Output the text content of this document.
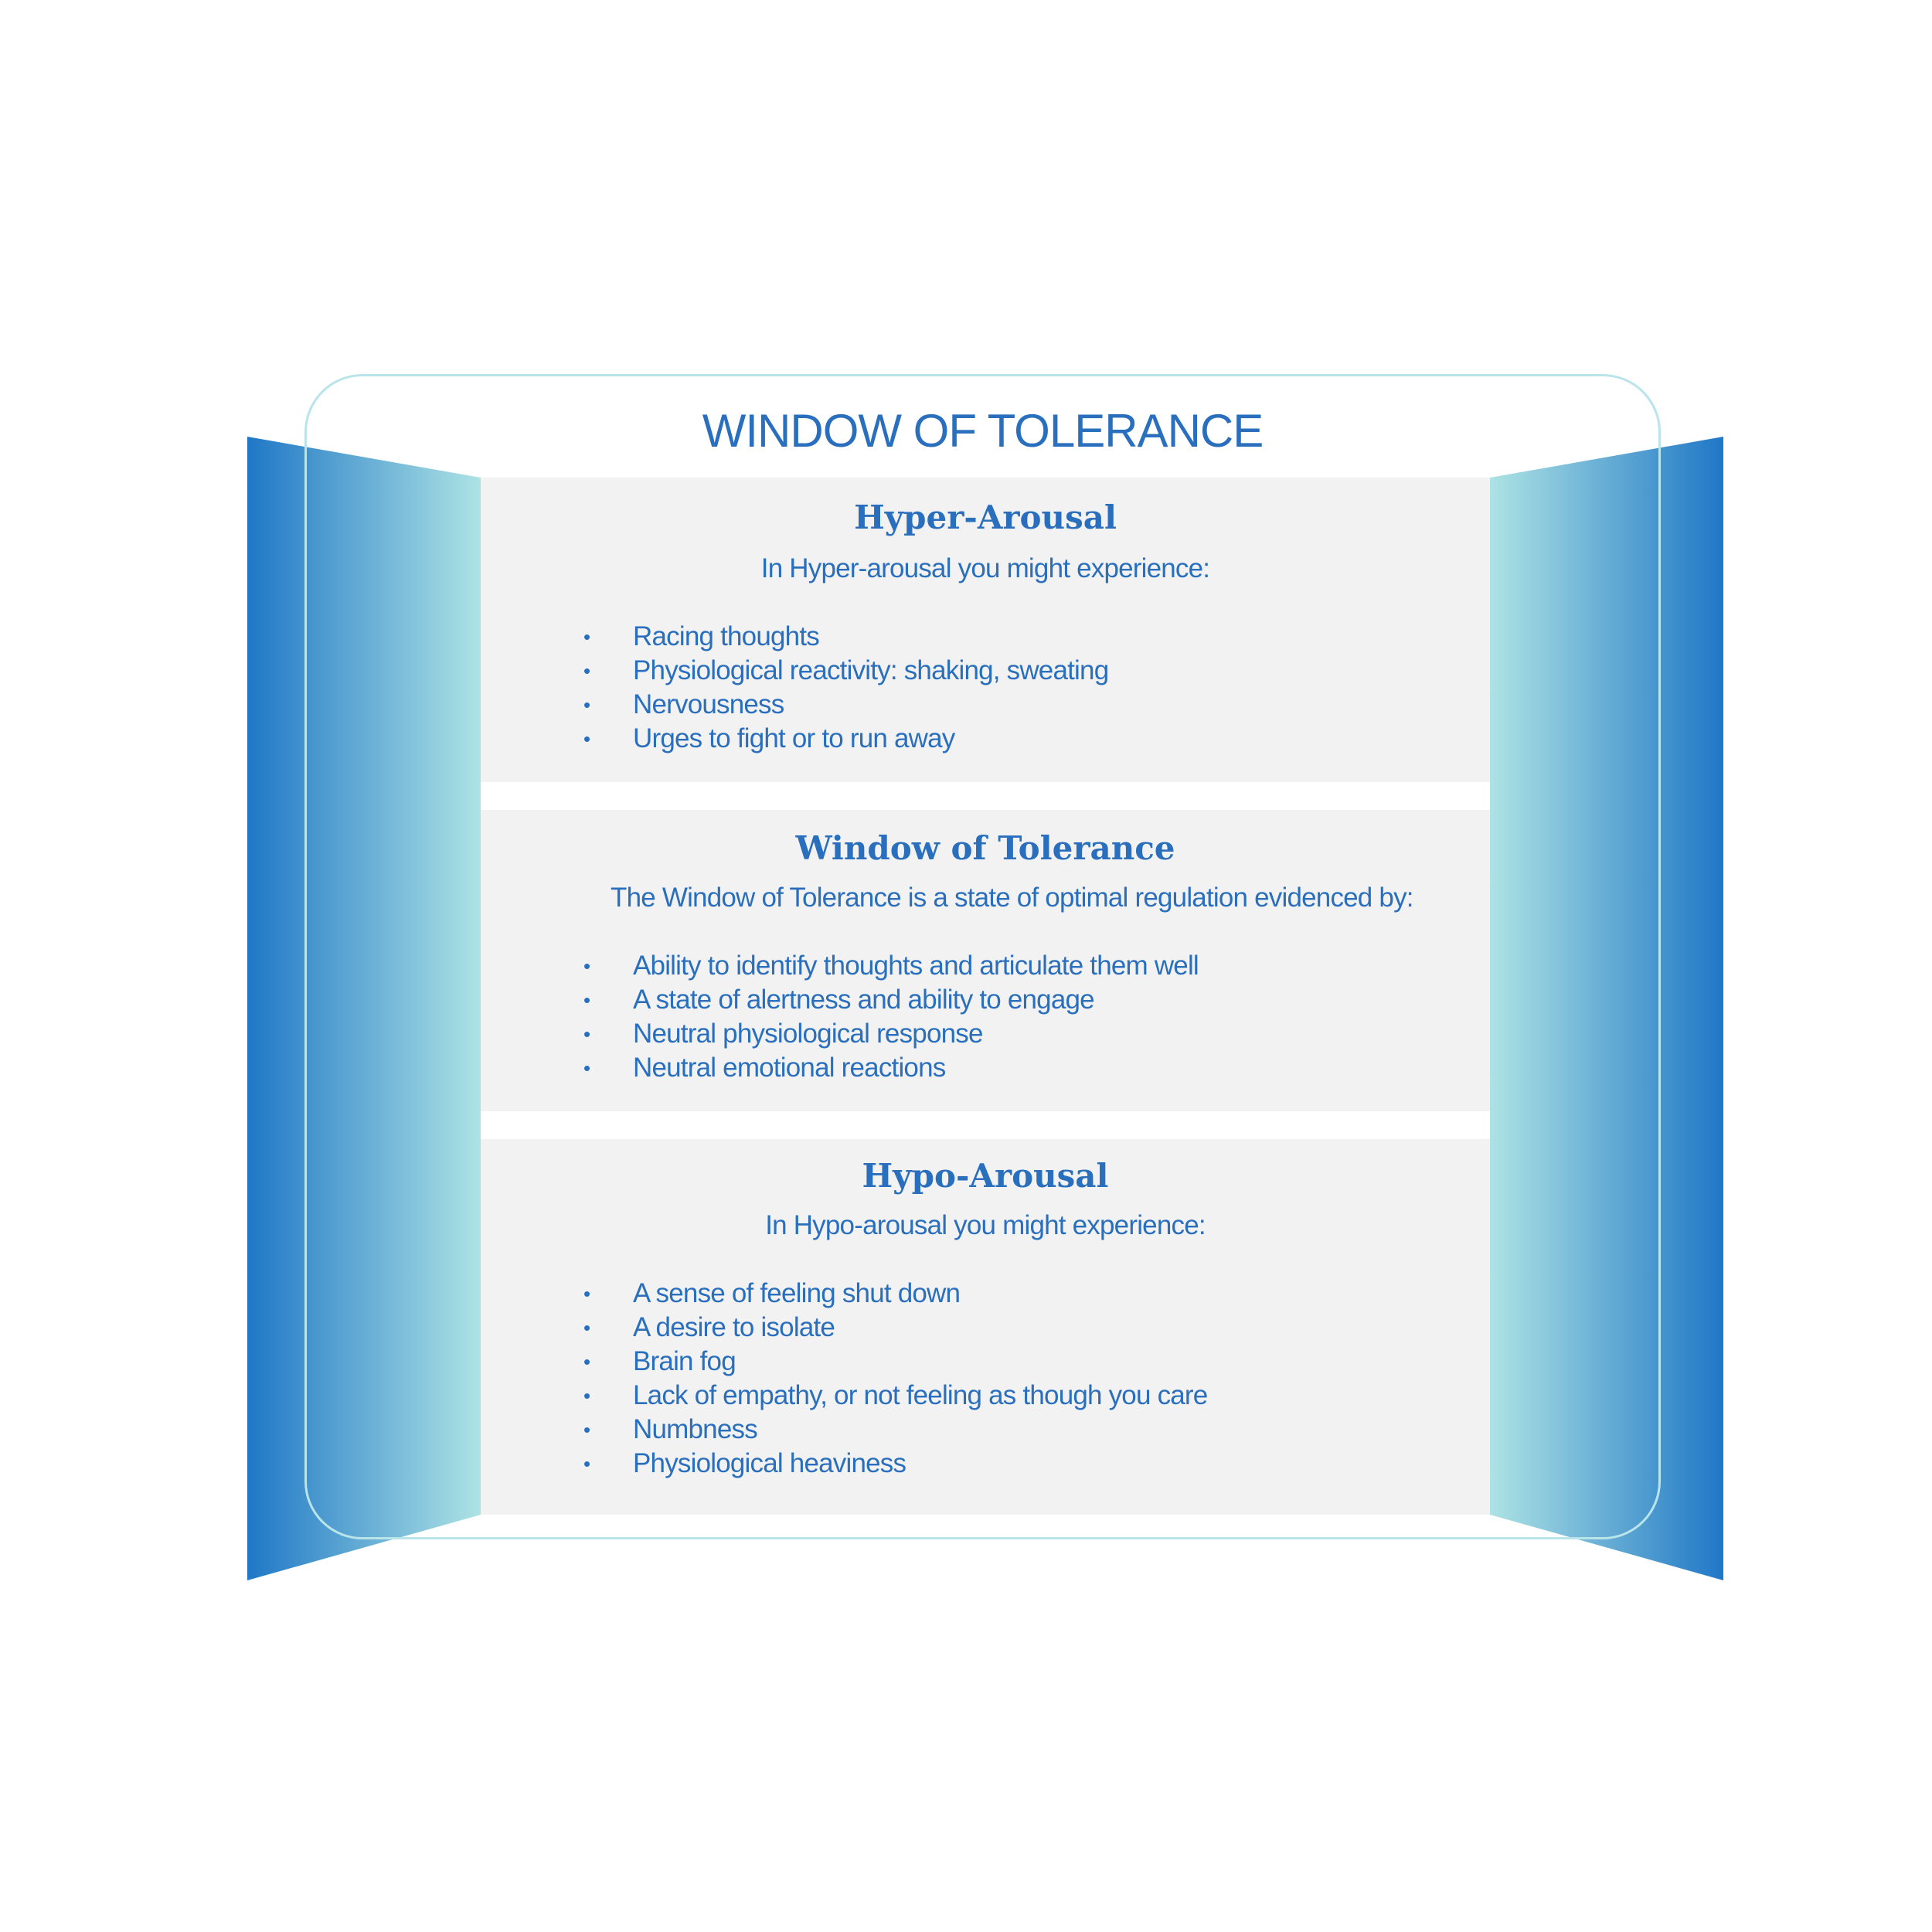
WINDOW OF TOLERANCE
Hyper-Arousal
In Hyper-arousal you might experience:
• Racing thoughts
• Physiological reactivity: shaking, sweating
• Nervousness
• Urges to fight or to run away
Window of Tolerance
The Window of Tolerance is a state of optimal regulation evidenced by:
• Ability to identify thoughts and articulate them well
• A state of alertness and ability to engage
• Neutral physiological response
• Neutral emotional reactions
Hypo-Arousal
In Hypo-arousal you might experience:
• A sense of feeling shut down
• A desire to isolate
• Brain fog
• Lack of empathy, or not feeling as though you care
• Numbness
• Physiological heaviness
